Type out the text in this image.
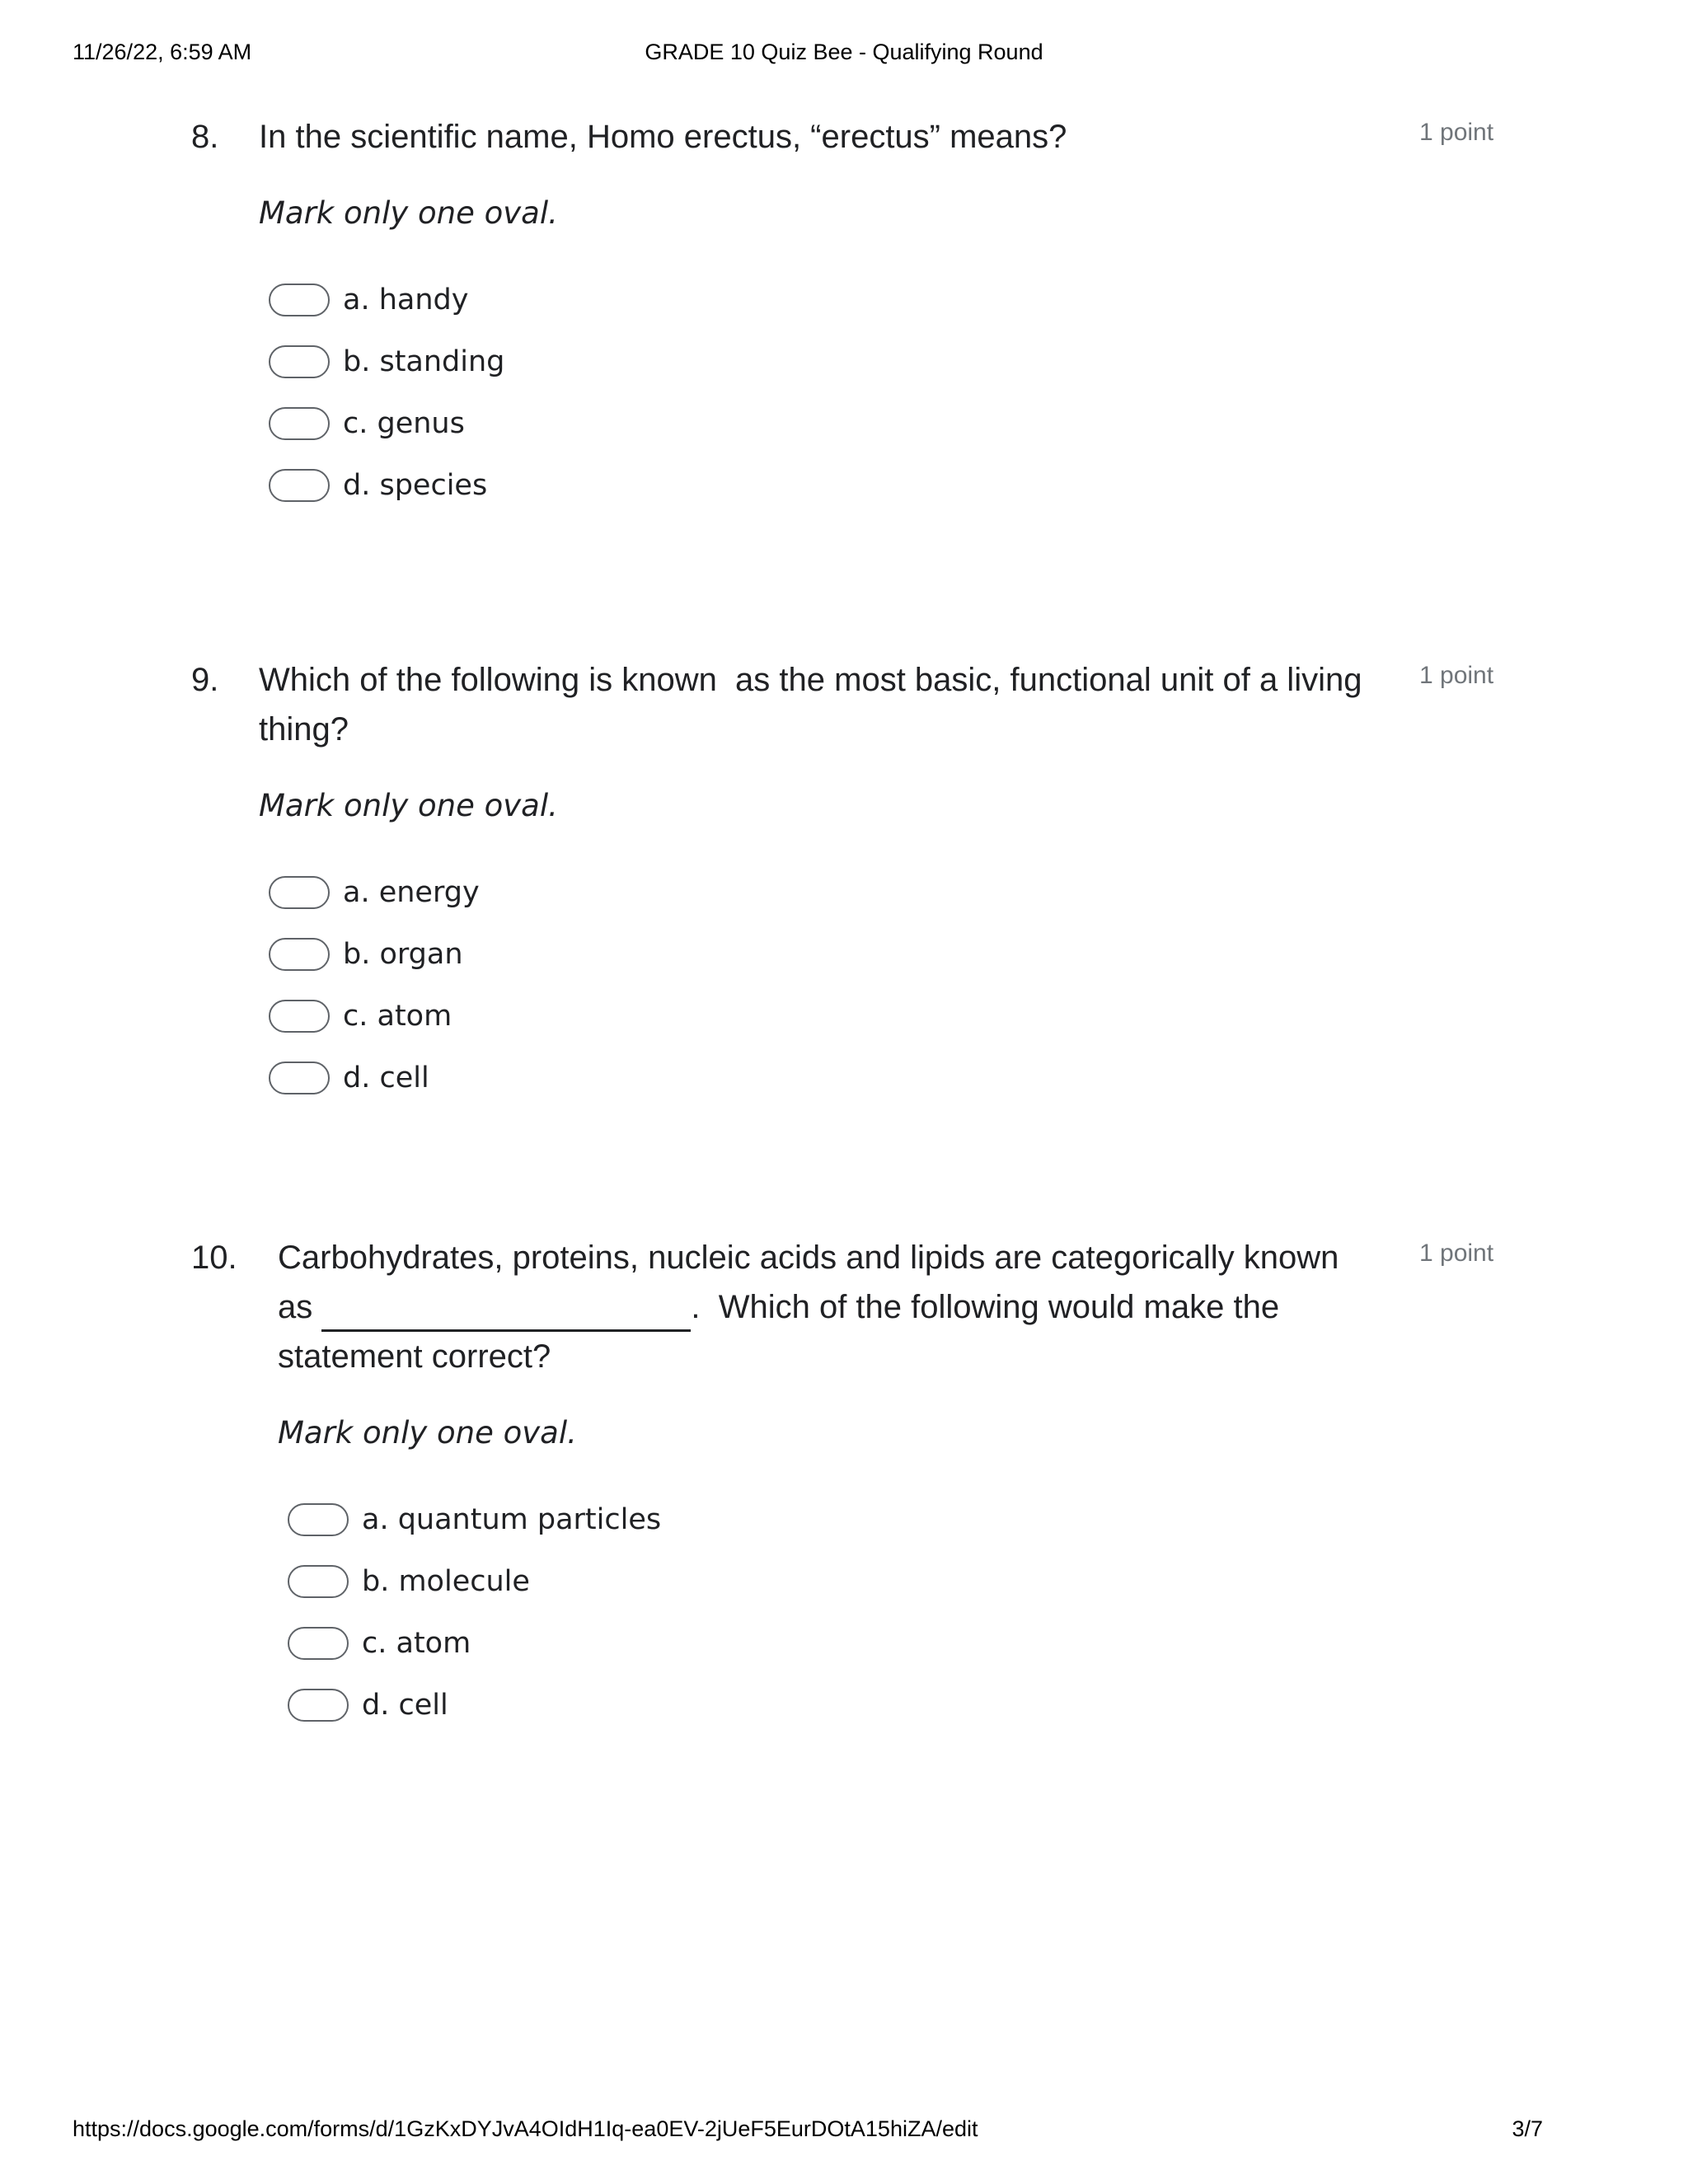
11/26/22, 6:59 AM	GRADE 10 Quiz Bee - Qualifying Round
8. In the scientific name, Homo erectus, “erectus” means?

Mark only one oval.
a. handy
b. standing
c. genus
d. species
1 point
9. Which of the following is known  as the most basic, functional unit of a living thing?

Mark only one oval.
a. energy
b. organ
c. atom
d. cell
1 point
10. Carbohydrates, proteins, nucleic acids and lipids are categorically known as	.  Which of the following would make the statement correct?

Mark only one oval.
a. quantum particles
b. molecule
c. atom
d. cell
1 point
https://docs.google.com/forms/d/1GzKxDYJvA4OIdH1Iq-ea0EV-2jUeF5EurDOtA15hiZA/edit	3/7
